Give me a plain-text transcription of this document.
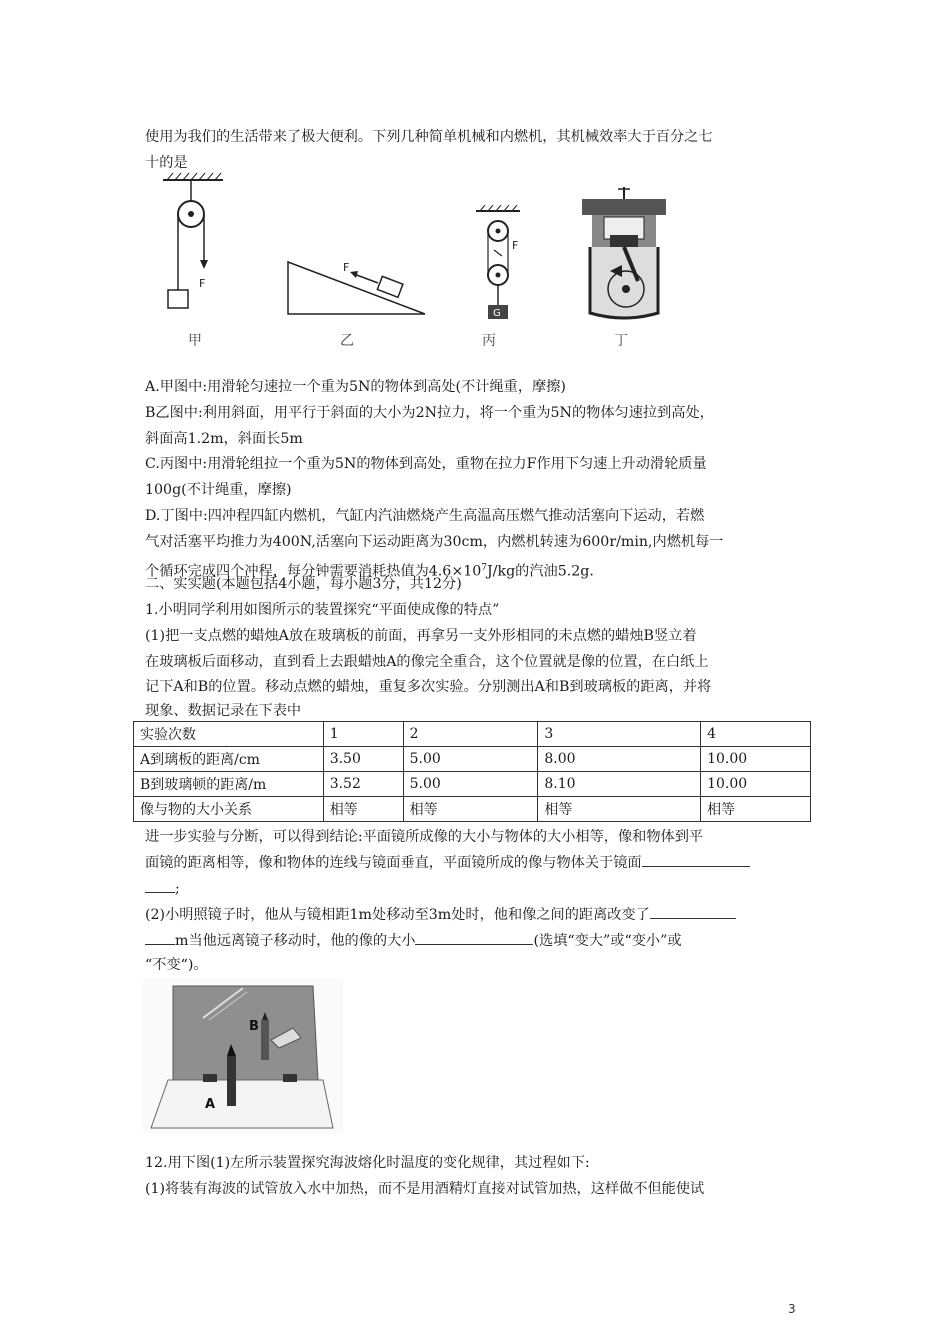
使用为我们的生活带来了极大便利。下列几种简单机械和内燃机，其机械效率大于百分之七
十的是
F
甲
F
乙
F
G
丙	丁
A.甲图中:用滑轮匀速拉一个重为5N的物体到高处(不计绳重，摩擦)
B乙图中:利用斜面，用平行于斜面的大小为2N拉力，将一个重为5N的物体匀速拉到高处，
斜面高1.2m，斜面长5m
C.丙图中:用滑轮组拉一个重为5N的物体到高处，重物在拉力F作用下匀速上升动滑轮质量
100g(不计绳重，摩擦)
D.丁图中:四冲程四缸内燃机，气缸内汽油燃烧产生高温高压燃气推动活塞向下运动，若燃
气对活塞平均推力为400N,活塞向下运动距离为30cm，内燃机转速为600r/min,内燃机每一
个循环完成四个冲程，每分钟需要消耗热值为$4.6\times 10^7J/kg$的汽油5.2g.
二、实实题(本题包括4小题，每小题3分，共12分)
1.小明同学利用如图所示的装置探究“平面使成像的特点”
(1)把一支点燃的蜡烛A放在玻璃板的前面，再拿另一支外形相同的未点燃的蜡烛B竖立着
在玻璃板后面移动，直到看上去跟蜡烛A的像完全重合，这个位置就是像的位置，在白纸上
记下A和B的位置。移动点燃的蜡烛，重复多次实验。分别测出A和B到玻璃板的距离，并将
现象、数据记录在下表中
实验次数	1	2	3	4
A到璃板的距离/cm	3.50	5.00	8.00	10.00
B到玻璃顿的距离/m	3.52	5.00	8.10	10.00
像与物的大小关系	相等	相等	相等	相等
进一步实验与分断，可以得到结论:平面镜所成像的大小与物体的大小相等，像和物体到平
面镜的距离相等，像和物体的连线与镜面垂直，平面镜所成的像与物体关于镜面
;
(2)小明照镜子时，他从与镜相距1m处移动至3m处时，他和像之间的距离改变了
m当他远离镜子移动时，他的像的大小	(选填“变大”或“变小”或
“不变“)。
B
A
12.用下图(1)左所示装置探究海波熔化时温度的变化规律，其过程如下:
(1)将装有海波的试管放入水中加热，而不是用酒精灯直接对试管加热，这样做不但能使试
3
